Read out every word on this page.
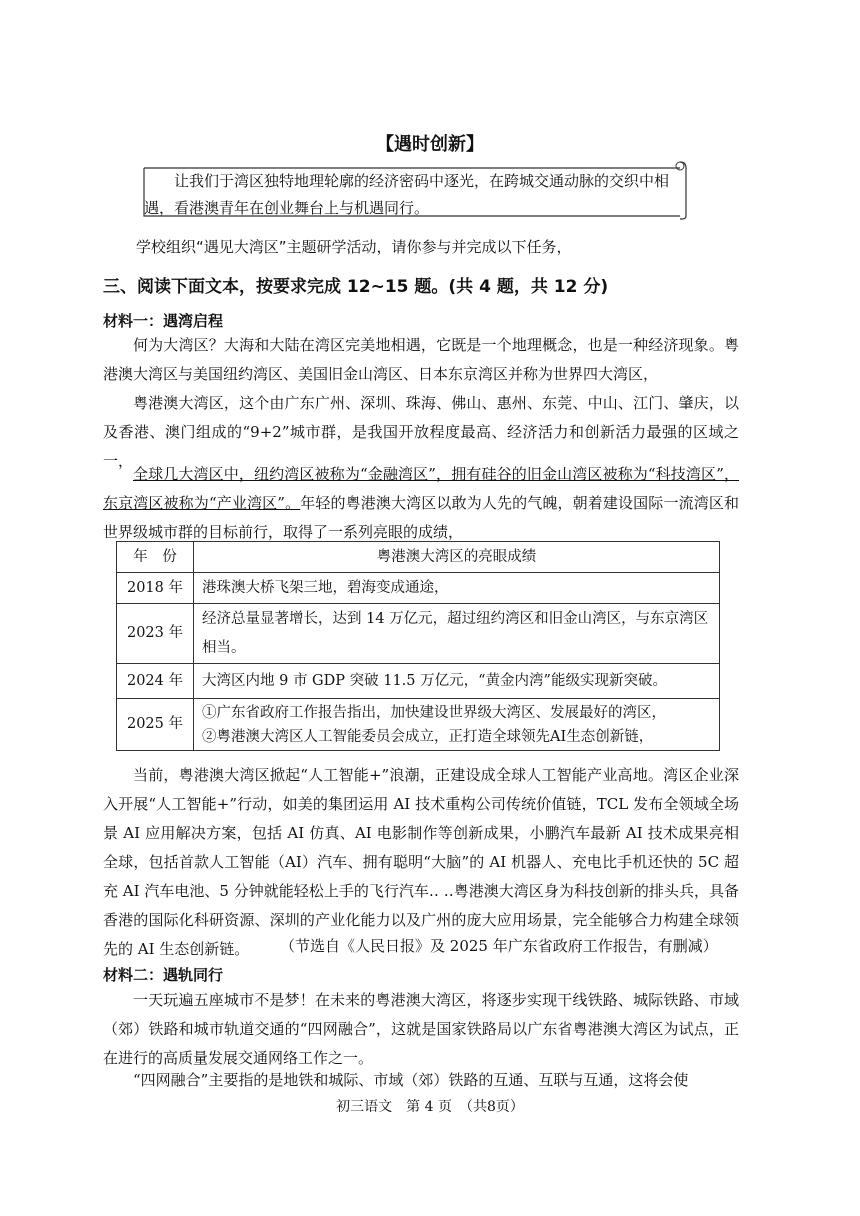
【遇时创新】
让我们于湾区独特地理轮廓的经济密码中逐光，在跨城交通动脉的交织中相遇，看港澳青年在创业舞台上与机遇同行。
学校组织“遇见大湾区”主题研学活动，请你参与并完成以下任务，
三、阅读下面文本，按要求完成 12~15 题。(共 4 题，共 12 分)
材料一：遇湾启程

何为大湾区？大海和大陆在湾区完美地相遇，它既是一个地理概念，也是一种经济现象。粤港澳大湾区与美国纽约湾区、美国旧金山湾区、日本东京湾区并称为世界四大湾区，

粤港澳大湾区，这个由广东广州、深圳、珠海、佛山、惠州、东莞、中山、江门、肇庆，以及香港、澳门组成的“9+2”城市群，是我国开放程度最高、经济活力和创新活力最强的区域之一，

全球几大湾区中，纽约湾区被称为“金融湾区”，拥有硅谷的旧金山湾区被称为“科技湾区”，东京湾区被称为“产业湾区”。年轻的粤港澳大湾区以敢为人先的气魄，朝着建设国际一流湾区和世界级城市群的目标前行，取得了一系列亮眼的成绩，

年　份	粤港澳大湾区的亮眼成绩
2018 年	港珠澳大桥飞架三地，碧海变成通途，
2023 年	经济总量显著增长，达到 14 万亿元，超过纽约湾区和旧金山湾区，与东京湾区相当。
2024 年	大湾区内地 9 市 GDP 突破 11.5 万亿元，“黄金内湾”能级实现新突破。
2025 年	①广东省政府工作报告指出，加快建设世界级大湾区、发展最好的湾区，
②粤港澳大湾区人工智能委员会成立，正打造全球领先AI生态创新链，

当前，粤港澳大湾区掀起“人工智能+”浪潮，正建设成全球人工智能产业高地。湾区企业深入开展“人工智能+”行动，如美的集团运用 AI 技术重构公司传统价值链，TCL 发布全领域全场景 AI 应用解决方案，包括 AI 仿真、AI 电影制作等创新成果，小鹏汽车最新 AI 技术成果亮相全球，包括首款人工智能（AI）汽车、拥有聪明“大脑”的 AI 机器人、充电比手机还快的 5C 超充 AI 汽车电池、5 分钟就能轻松上手的飞行汽车‥ ‥粤港澳大湾区身为科技创新的排头兵，具备香港的国际化科研资源、深圳的产业化能力以及广州的庞大应用场景，完全能够合力构建全球领先的 AI 生态创新链。	（节选自《人民日报》及 2025 年广东省政府工作报告，有删减）
材料二：遇轨同行

一天玩遍五座城市不是梦！在未来的粤港澳大湾区，将逐步实现干线铁路、城际铁路、市域（郊）铁路和城市轨道交通的“四网融合”，这就是国家铁路局以广东省粤港澳大湾区为试点，正在进行的高质量发展交通网络工作之一。

“四网融合”主要指的是地铁和城际、市域（郊）铁路的互通、互联与互通，这将会使

初三语文　第 4 页　（共8页）
